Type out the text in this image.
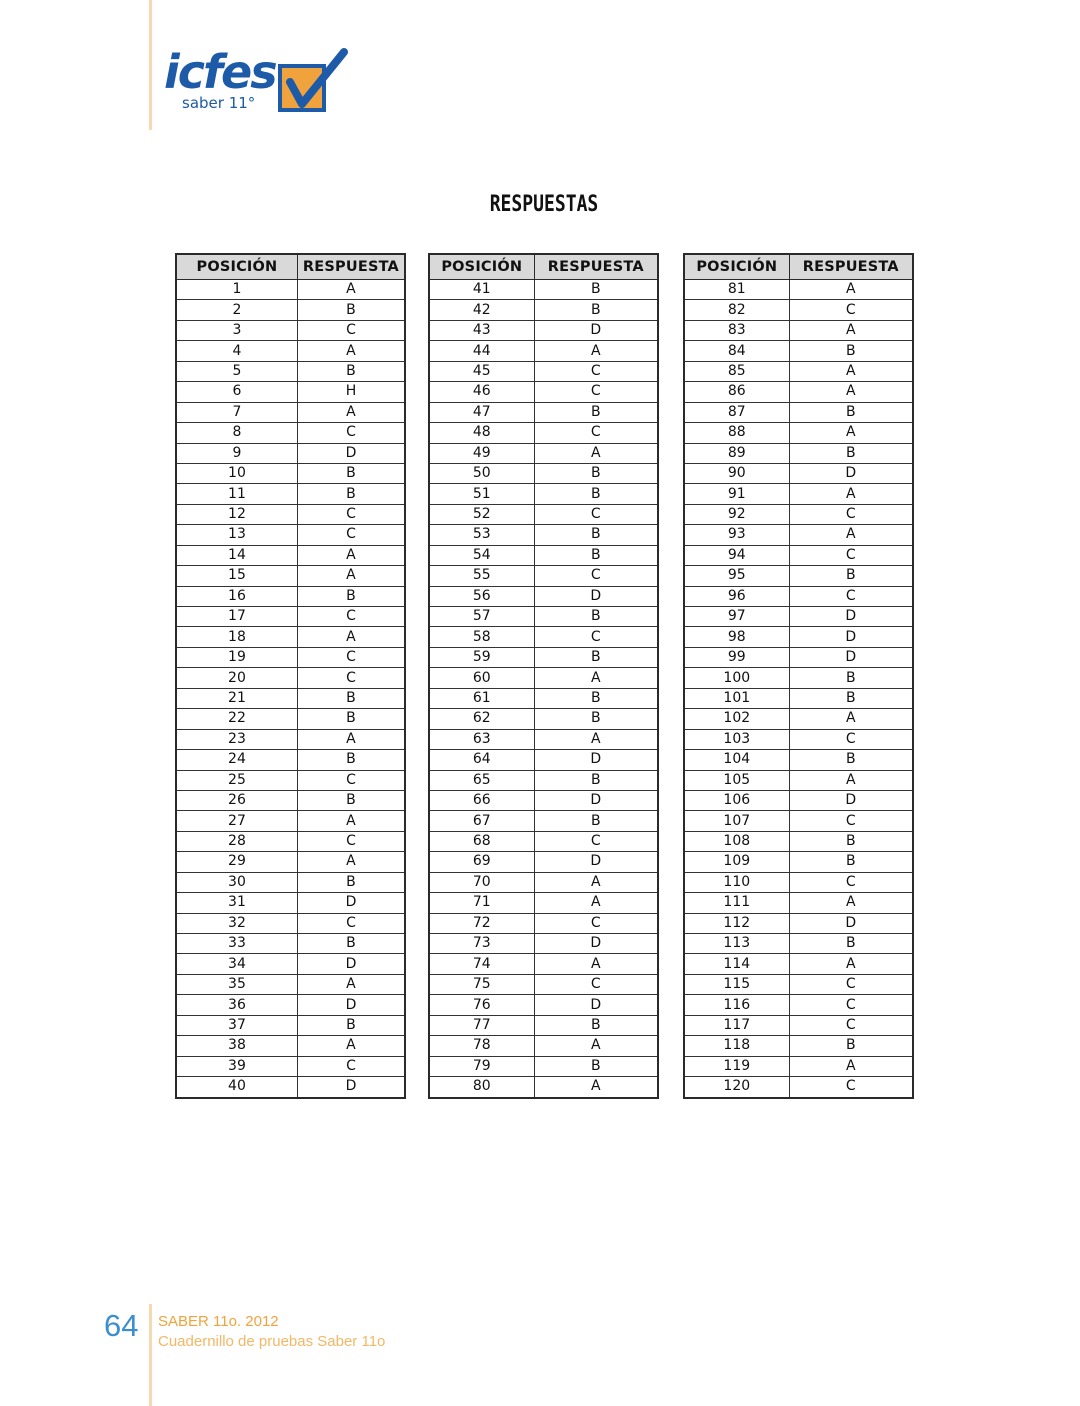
icfes
saber 11°
RESPUESTAS
POSICIÓN	RESPUESTA
1	A
2	B
3	C
4	A
5	B
6	H
7	A
8	C
9	D
10	B
11	B
12	C
13	C
14	A
15	A
16	B
17	C
18	A
19	C
20	C
21	B
22	B
23	A
24	B
25	C
26	B
27	A
28	C
29	A
30	B
31	D
32	C
33	B
34	D
35	A
36	D
37	B
38	A
39	C
40	D
POSICIÓN	RESPUESTA
41	B
42	B
43	D
44	A
45	C
46	C
47	B
48	C
49	A
50	B
51	B
52	C
53	B
54	B
55	C
56	D
57	B
58	C
59	B
60	A
61	B
62	B
63	A
64	D
65	B
66	D
67	B
68	C
69	D
70	A
71	A
72	C
73	D
74	A
75	C
76	D
77	B
78	A
79	B
80	A
POSICIÓN	RESPUESTA
81	A
82	C
83	A
84	B
85	A
86	A
87	B
88	A
89	B
90	D
91	A
92	C
93	A
94	C
95	B
96	C
97	D
98	D
99	D
100	B
101	B
102	A
103	C
104	B
105	A
106	D
107	C
108	B
109	B
110	C
111	A
112	D
113	B
114	A
115	C
116	C
117	C
118	B
119	A
120	C
64 SABER 11o. 2012
Cuadernillo de pruebas Saber 11o
